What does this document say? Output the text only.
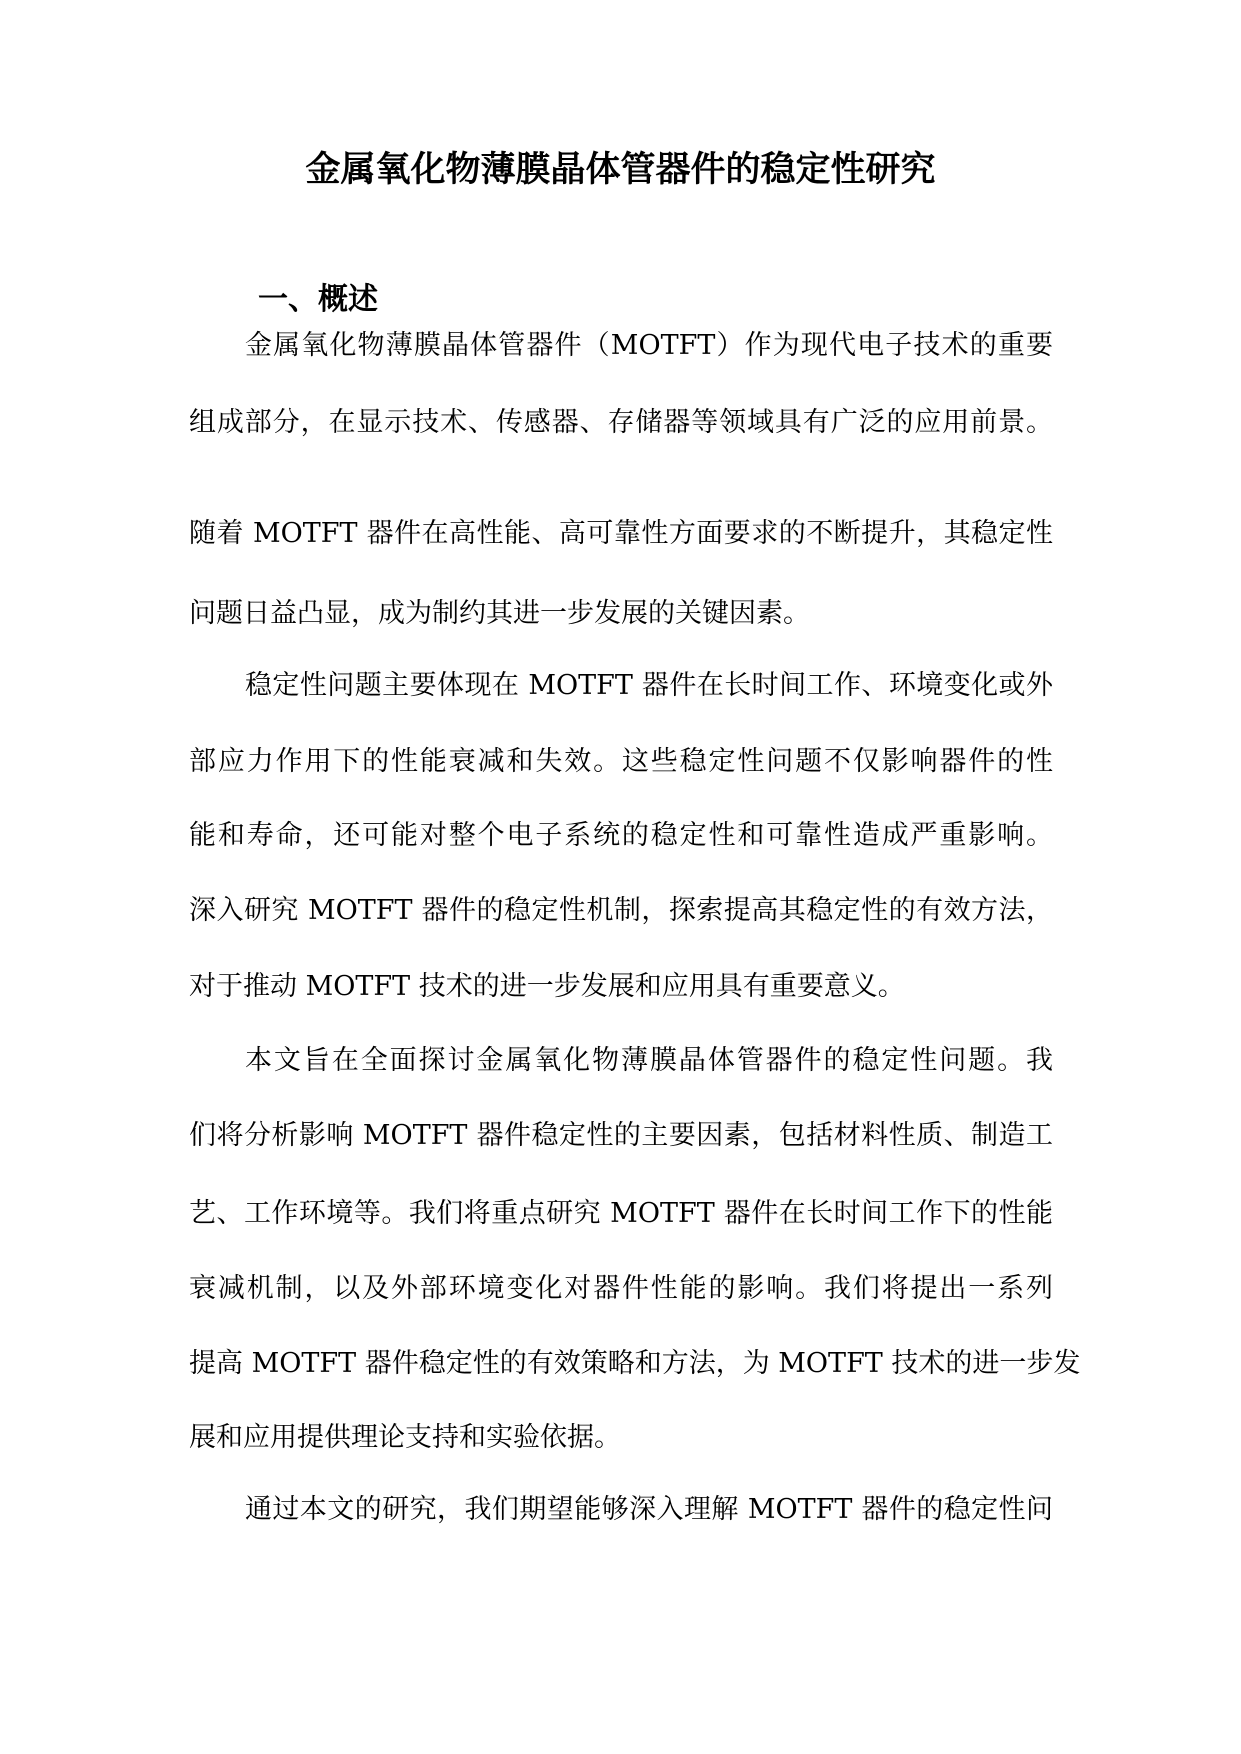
金属氧化物薄膜晶体管器件的稳定性研究
一、概述

金属氧化物薄膜晶体管器件（MOTFT）作为现代电子技术的重要

组成部分，在显示技术、传感器、存储器等领域具有广泛的应用前景。

随着 MOTFT 器件在高性能、高可靠性方面要求的不断提升，其稳定性

问题日益凸显，成为制约其进一步发展的关键因素。

稳定性问题主要体现在 MOTFT 器件在长时间工作、环境变化或外

部应力作用下的性能衰减和失效。这些稳定性问题不仅影响器件的性

能和寿命，还可能对整个电子系统的稳定性和可靠性造成严重影响。

深入研究 MOTFT 器件的稳定性机制，探索提高其稳定性的有效方法，

对于推动 MOTFT 技术的进一步发展和应用具有重要意义。

本文旨在全面探讨金属氧化物薄膜晶体管器件的稳定性问题。我

们将分析影响 MOTFT 器件稳定性的主要因素，包括材料性质、制造工

艺、工作环境等。我们将重点研究 MOTFT 器件在长时间工作下的性能

衰减机制，以及外部环境变化对器件性能的影响。我们将提出一系列

提高 MOTFT 器件稳定性的有效策略和方法，为 MOTFT 技术的进一步发

展和应用提供理论支持和实验依据。

通过本文的研究，我们期望能够深入理解 MOTFT 器件的稳定性问
